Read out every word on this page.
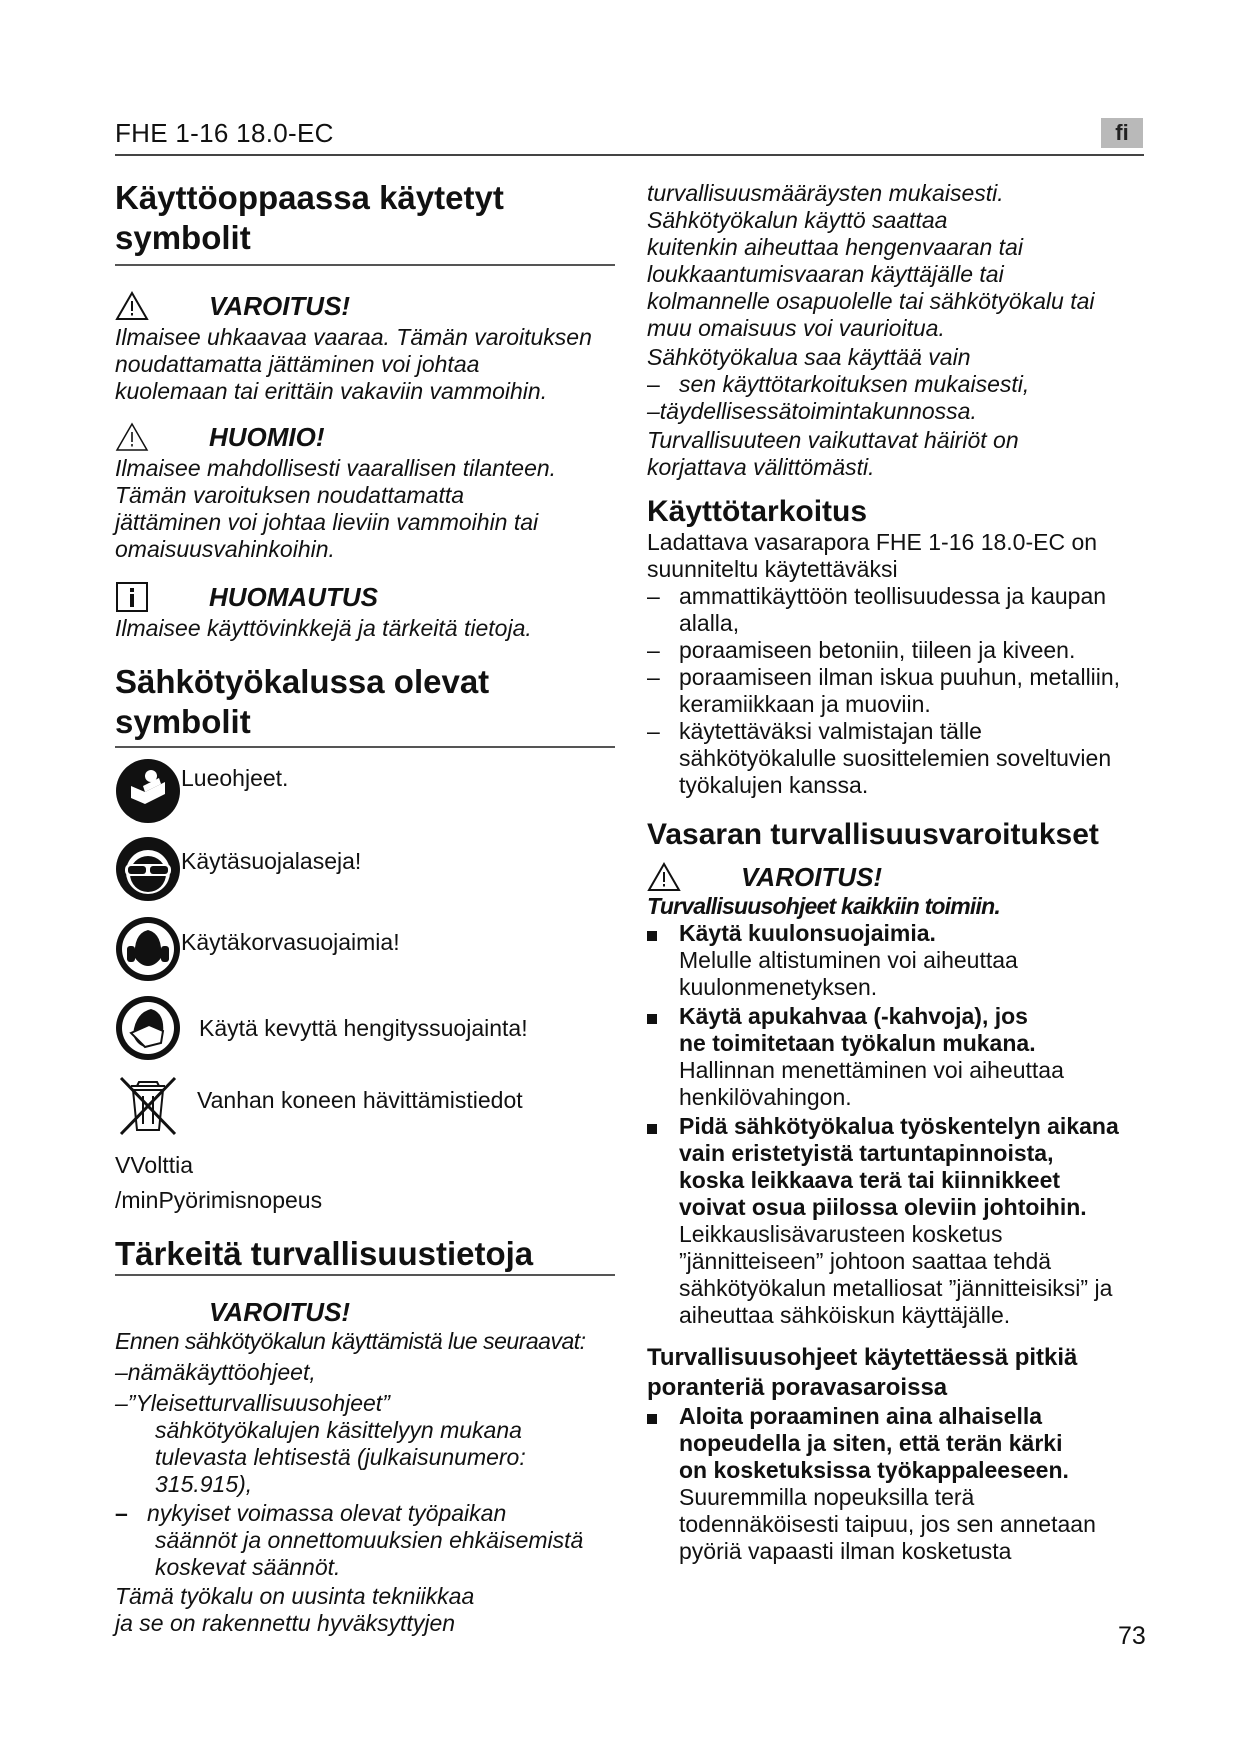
FHE 1-16 18.0-EC	fi
Käyttöoppaassa käytetyt symbolit
VAROITUS!
Ilmaisee uhkaavaa vaaraa. Tämän varoituksen
noudattamatta jättäminen voi johtaa
kuolemaan tai erittäin vakaviin vammoihin.
HUOMIO!
Ilmaisee mahdollisesti vaarallisen tilanteen.
Tämän varoituksen noudattamatta
jättäminen voi johtaa lieviin vammoihin tai
omaisuusvahinkoihin.
HUOMAUTUS
Ilmaisee käyttövinkkejä ja tärkeitä tietoja.
Sähkötyökalussa olevat symbolit
Lueohjeet.
Käytäsuojalaseja!
Käytäkorvasuojaimia!
Käytä kevyttä hengityssuojainta!
Vanhan koneen hävittämistiedot
VVolttia
/minPyörimisnopeus
Tärkeitä turvallisuustietoja
VAROITUS!
Ennen sähkötyökalun käyttämistä lue seuraavat:
–nämäkäyttöohjeet,
–”Yleisetturvallisuusohjeet”
sähkötyökalujen käsittelyyn mukana
tulevasta lehtisestä (julkaisunumero:
315.915),
– nykyiset voimassa olevat työpaikan
säännöt ja onnettomuuksien ehkäisemistä
koskevat säännöt.
Tämä työkalu on uusinta tekniikkaa
ja se on rakennettu hyväksyttyjen
turvallisuusmääräysten mukaisesti.
Sähkötyökalun käyttö saattaa
kuitenkin aiheuttaa hengenvaaran tai
loukkaantumisvaaran käyttäjälle tai
kolmannelle osapuolelle tai sähkötyökalu tai
muu omaisuus voi vaurioitua.
Sähkötyökalua saa käyttää vain
– sen käyttötarkoituksen mukaisesti,
–täydellisessätoimintakunnossa.
Turvallisuuteen vaikuttavat häiriöt on
korjattava välittömästi.
Käyttötarkoitus
Ladattava vasarapora FHE 1-16 18.0-EC on
suunniteltu käytettäväksi
– ammattikäyttöön teollisuudessa ja kaupan
alalla,
– poraamiseen betoniin, tiileen ja kiveen.
– poraamiseen ilman iskua puuhun, metalliin,
keramiikkaan ja muoviin.
– käytettäväksi valmistajan tälle
sähkötyökalulle suosittelemien soveltuvien
työkalujen kanssa.
Vasaran turvallisuusvaroitukset
VAROITUS!
Turvallisuusohjeet kaikkiin toimiin.
Käytä kuulonsuojaimia.
Melulle altistuminen voi aiheuttaa
kuulonmenetyksen.
Käytä apukahvaa (-kahvoja), jos
ne toimitetaan työkalun mukana.
Hallinnan menettäminen voi aiheuttaa
henkilövahingon.
Pidä sähkötyökalua työskentelyn aikana
vain eristetyistä tartuntapinnoista,
koska leikkaava terä tai kiinnikkeet
voivat osua piilossa oleviin johtoihin.
Leikkauslisävarusteen kosketus
”jännitteiseen” johtoon saattaa tehdä
sähkötyökalun metalliosat ”jännitteisiksi” ja
aiheuttaa sähköiskun käyttäjälle.
Turvallisuusohjeet käytettäessä pitkiä
poranteriä poravasaroissa
Aloita poraaminen aina alhaisella
nopeudella ja siten, että terän kärki
on kosketuksissa työkappaleeseen.
Suuremmilla nopeuksilla terä
todennäköisesti taipuu, jos sen annetaan
pyöriä vapaasti ilman kosketusta
73
